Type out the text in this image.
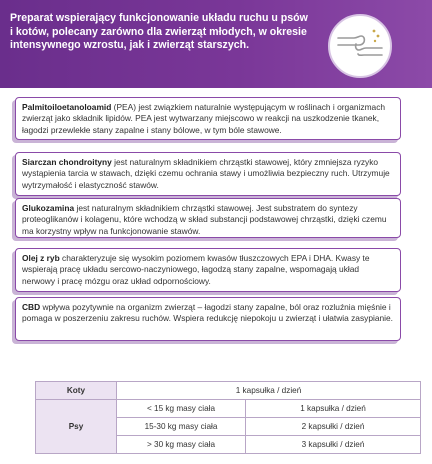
Preparat wspierający funkcjonowanie układu ruchu u psów i kotów, polecany zarówno dla zwierząt młodych, w okresie intensywnego wzrostu, jak i zwierząt starszych.
Palmitoiloetanoloamid (PEA) jest związkiem naturalnie występującym w roślinach i organizmach zwierząt jako składnik lipidów. PEA jest wytwarzany miejscowo w reakcji na uszkodzenie tkanek, łagodzi przewlekłe stany zapalne i stany bólowe, w tym bóle stawowe.
Siarczan chondroityny jest naturalnym składnikiem chrząstki stawowej, który zmniejsza ryzyko wystąpienia tarcia w stawach, dzięki czemu ochrania stawy i umożliwia bezpieczny ruch. Utrzymuje wytrzymałość i elastyczność stawów.
Glukozamina jest naturalnym składnikiem chrząstki stawowej. Jest substratem do syntezy proteoglikanów i kolagenu, które wchodzą w skład substancji podstawowej chrząstki, dzięki czemu ma korzystny wpływ na funkcjonowanie stawów.
Olej z ryb charakteryzuje się wysokim poziomem kwasów tłuszczowych EPA i DHA. Kwasy te wspierają pracę układu sercowo-naczyniowego, łagodzą stany zapalne, wspomagają układ nerwowy i pracę mózgu oraz układ odpornościowy.
CBD wpływa pozytywnie na organizm zwierząt – łagodzi stany zapalne, ból oraz rozluźnia mięśnie i pomaga w poszerzeniu zakresu ruchów. Wspiera redukcję niepokoju u zwierząt i ułatwia zasypianie.
Koty	1 kapsułka / dzień	
Psy	< 15 kg masy ciała	1 kapsułka / dzień
	15-30 kg masy ciała	2 kapsułki / dzień
	> 30 kg masy ciała	3 kapsułki / dzień
